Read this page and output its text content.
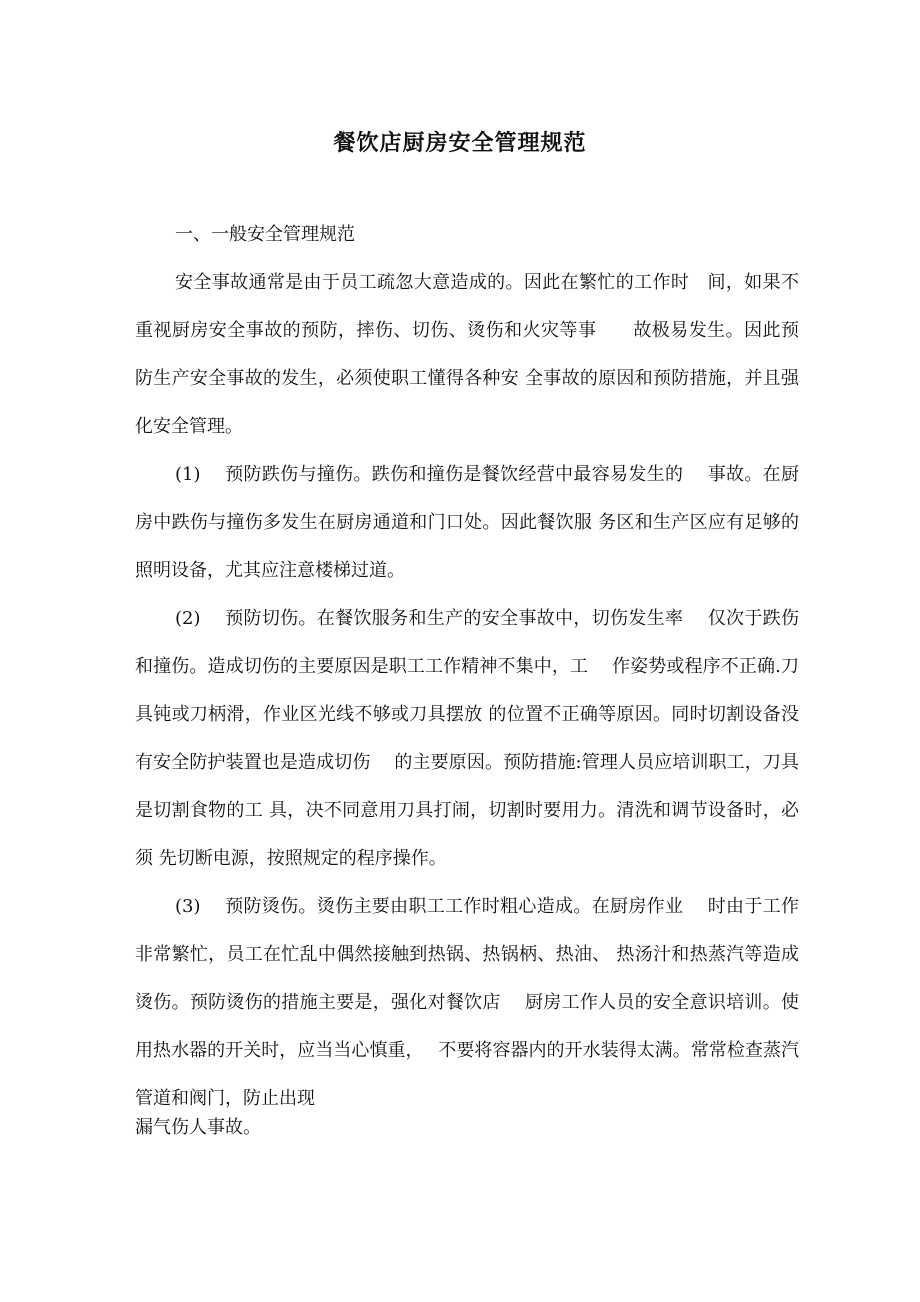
餐饮店厨房安全管理规范
一、一般安全管理规范

安全事故通常是由于员工疏忽大意造成的。因此在繁忙的工作时　间，如果不重视厨房安全事故的预防，摔伤、切伤、烫伤和火灾等事　　故极易发生。因此预防生产安全事故的发生，必须使职工懂得各种安 全事故的原因和预防措施，并且强化安全管理。

(1)　 预防跌伤与撞伤。跌伤和撞伤是餐饮经营中最容易发生的　 事故。在厨房中跌伤与撞伤多发生在厨房通道和门口处。因此餐饮服 务区和生产区应有足够的照明设备，尤其应注意楼梯过道。

(2)　 预防切伤。在餐饮服务和生产的安全事故中，切伤发生率　 仅次于跌伤和撞伤。造成切伤的主要原因是职工工作精神不集中，工　 作姿势或程序不正确.刀具钝或刀柄滑，作业区光线不够或刀具摆放 的位置不正确等原因。同时切割设备没有安全防护装置也是造成切伤　 的主要原因。预防措施:管理人员应培训职工，刀具是切割食物的工 具，决不同意用刀具打闹，切割时要用力。清洗和调节设备时，必须 先切断电源，按照规定的程序操作。

(3)　 预防烫伤。烫伤主要由职工工作时粗心造成。在厨房作业　 时由于工作非常繁忙，员工在忙乱中偶然接触到热锅、热锅柄、热油、 热汤汁和热蒸汽等造成烫伤。预防烫伤的措施主要是，强化对餐饮店　 厨房工作人员的安全意识培训。使用热水器的开关时，应当当心慎重，　 不要将容器内的开水装得太满。常常检查蒸汽管道和阀门，防止出现

漏气伤人事故。
